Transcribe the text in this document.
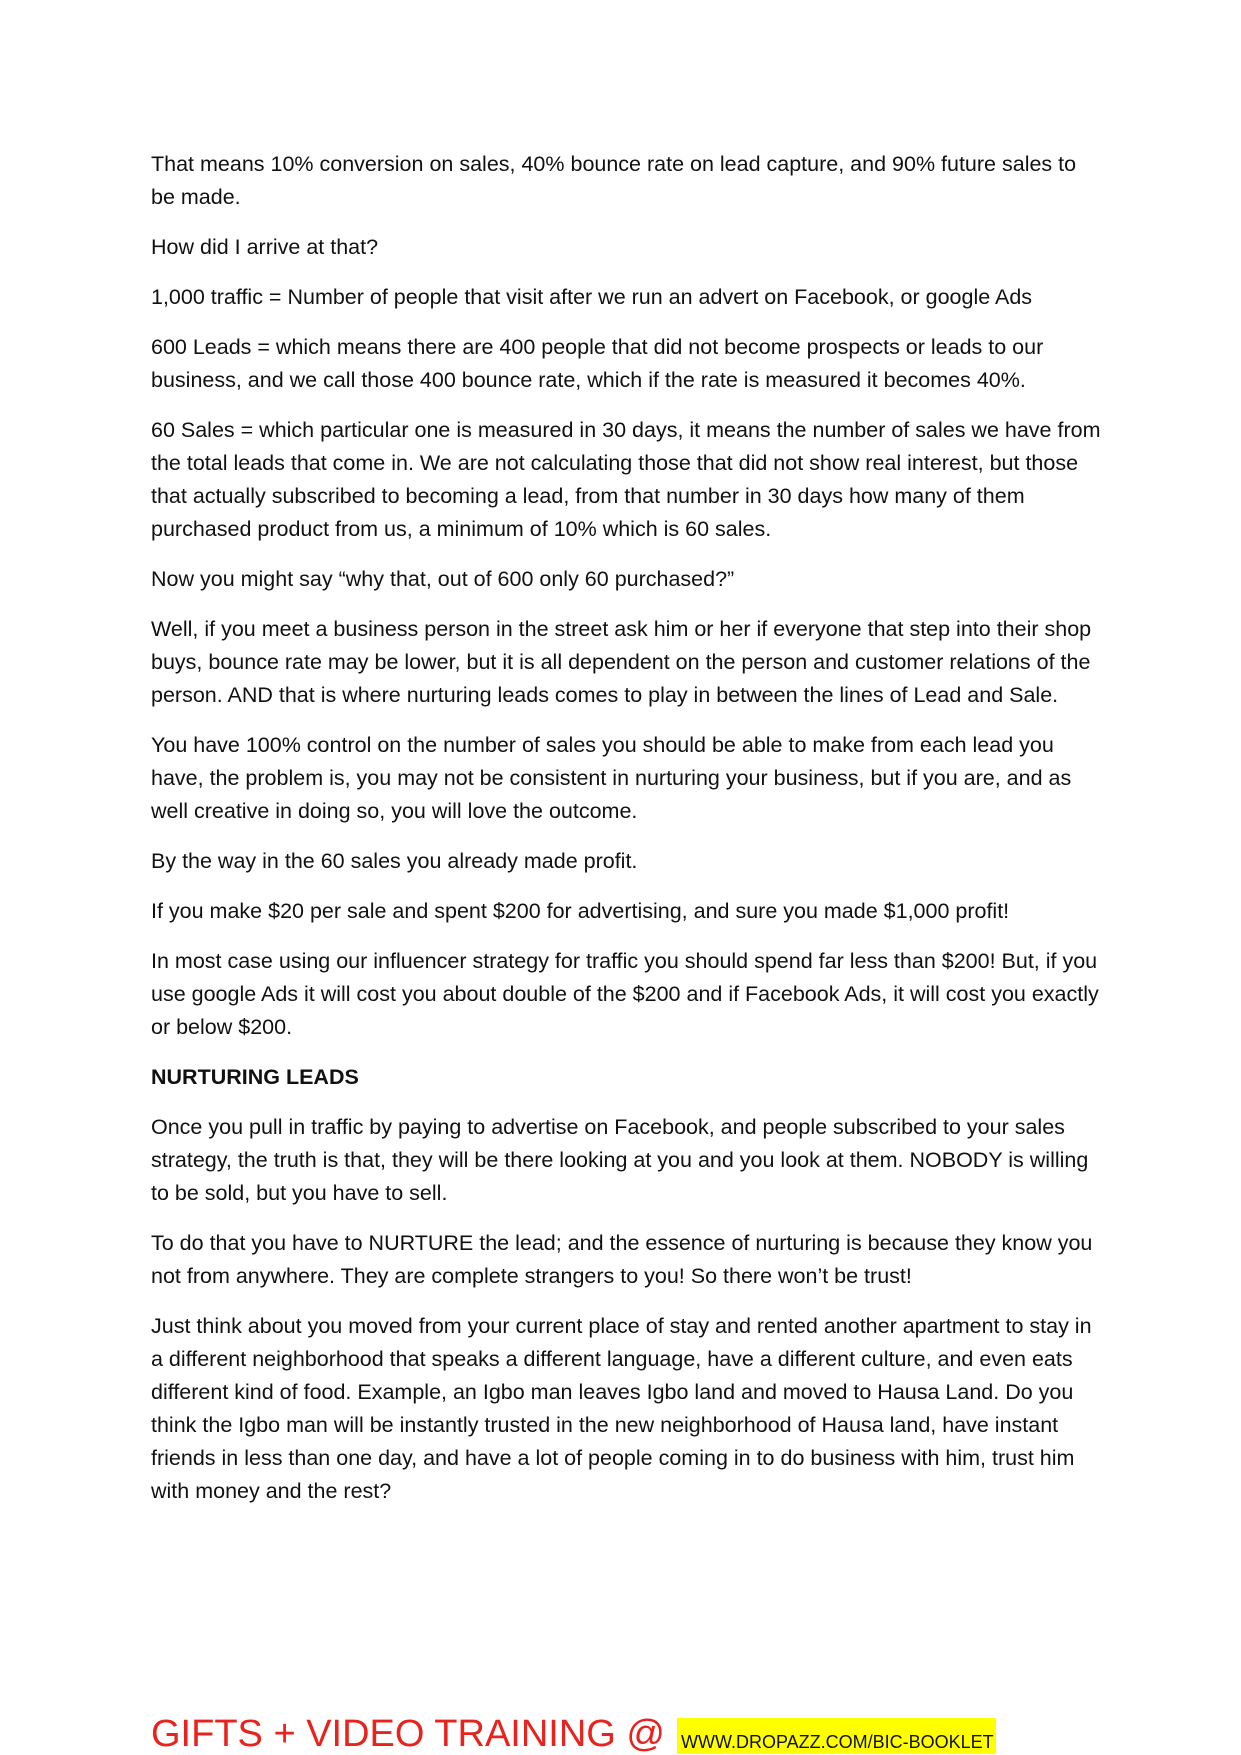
That means 10% conversion on sales, 40% bounce rate on lead capture, and 90% future sales to be made.

How did I arrive at that?

1,000 traffic = Number of people that visit after we run an advert on Facebook, or google Ads

600 Leads = which means there are 400 people that did not become prospects or leads to our business, and we call those 400 bounce rate, which if the rate is measured it becomes 40%.

60 Sales = which particular one is measured in 30 days, it means the number of sales we have from the total leads that come in. We are not calculating those that did not show real interest, but those that actually subscribed to becoming a lead, from that number in 30 days how many of them purchased product from us, a minimum of 10% which is 60 sales.

Now you might say “why that, out of 600 only 60 purchased?”

Well, if you meet a business person in the street ask him or her if everyone that step into their shop buys, bounce rate may be lower, but it is all dependent on the person and customer relations of the person. AND that is where nurturing leads comes to play in between the lines of Lead and Sale.

You have 100% control on the number of sales you should be able to make from each lead you have, the problem is, you may not be consistent in nurturing your business, but if you are, and as well creative in doing so, you will love the outcome.

By the way in the 60 sales you already made profit.

If you make $20 per sale and spent $200 for advertising, and sure you made $1,000 profit!

In most case using our influencer strategy for traffic you should spend far less than $200! But, if you use google Ads it will cost you about double of the $200 and if Facebook Ads, it will cost you exactly or below $200.

NURTURING LEADS

Once you pull in traffic by paying to advertise on Facebook, and people subscribed to your sales strategy, the truth is that, they will be there looking at you and you look at them. NOBODY is willing to be sold, but you have to sell.

To do that you have to NURTURE the lead; and the essence of nurturing is because they know you not from anywhere. They are complete strangers to you! So there won’t be trust!

Just think about you moved from your current place of stay and rented another apartment to stay in a different neighborhood that speaks a different language, have a different culture, and even eats different kind of food. Example, an Igbo man leaves Igbo land and moved to Hausa Land. Do you think the Igbo man will be instantly trusted in the new neighborhood of Hausa land, have instant friends in less than one day, and have a lot of people coming in to do business with him, trust him with money and the rest?

GIFTS + VIDEO TRAINING @ WWW.DROPAZZ.COM/BIC-BOOKLET
